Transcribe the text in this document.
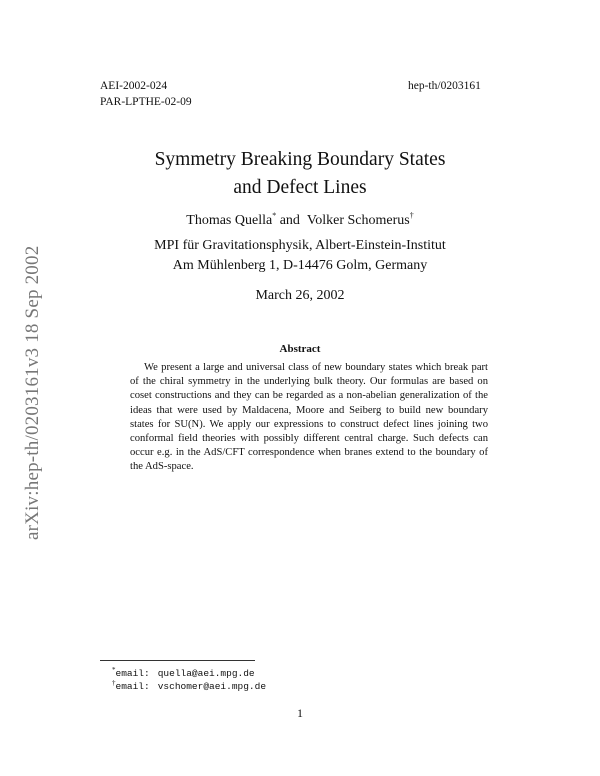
arXiv:hep-th/0203161v3 18 Sep 2002
AEI-2002-024
PAR-LPTHE-02-09
hep-th/0203161
Symmetry Breaking Boundary States
and Defect Lines
Thomas Quella* and Volker Schomerus†
MPI für Gravitationsphysik, Albert-Einstein-Institut
Am Mühlenberg 1, D-14476 Golm, Germany
March 26, 2002
Abstract
We present a large and universal class of new boundary states which break part of the chiral symmetry in the underlying bulk theory. Our formulas are based on coset constructions and they can be regarded as a non-abelian generalization of the ideas that were used by Maldacena, Moore and Seiberg to build new boundary states for SU(N). We apply our expressions to construct defect lines joining two conformal field theories with possibly different central charge. Such defects can occur e.g. in the AdS/CFT correspondence when branes extend to the boundary of the AdS-space.
*email: quella@aei.mpg.de
†email: vschomer@aei.mpg.de
1
